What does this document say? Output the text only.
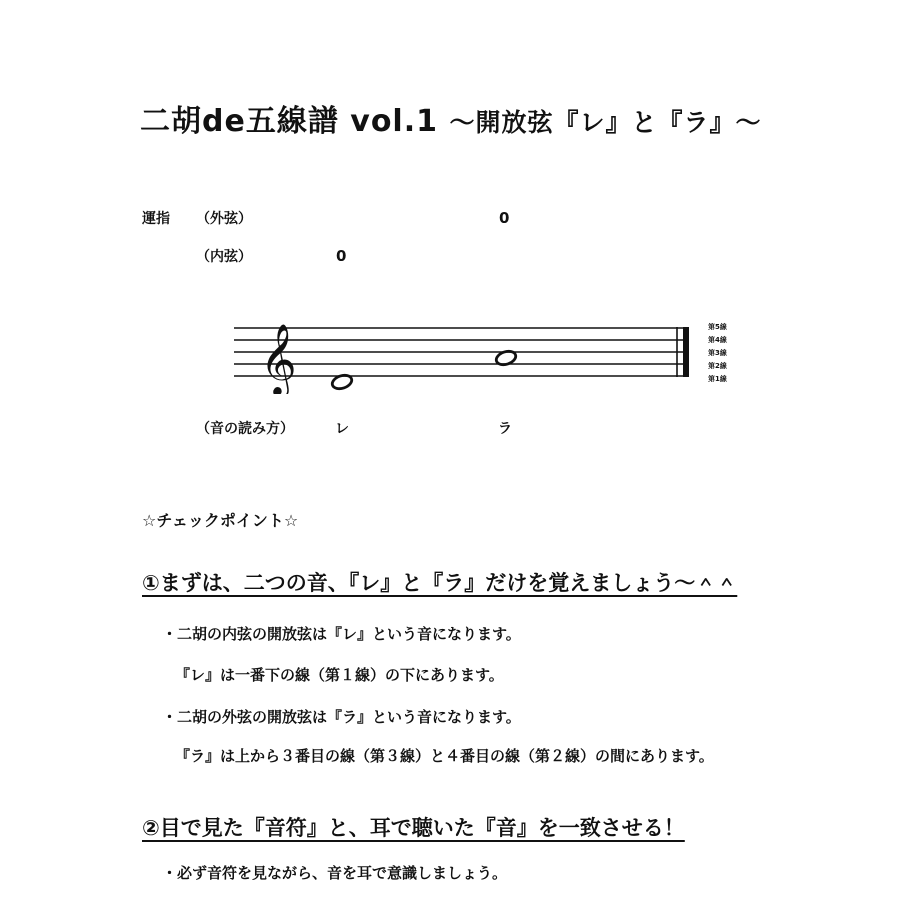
二胡de五線譜 vol.1 〜開放弦『レ』と『ラ』〜
運指 （外弦）	0
（内弦）	0
𝄞	第5線
第4線
第3線
第2線
第1線
（音の読み方）	レ	ラ
☆チェックポイント☆
①まずは、二つの音、『レ』と『ラ』だけを覚えましょう〜＾＾
・二胡の内弦の開放弦は『レ』という音になります。
『レ』は一番下の線（第１線）の下にあります。
・二胡の外弦の開放弦は『ラ』という音になります。
『ラ』は上から３番目の線（第３線）と４番目の線（第２線）の間にあります。
②目で見た『音符』と、耳で聴いた『音』を一致させる！
・必ず音符を見ながら、音を耳で意識しましょう。
